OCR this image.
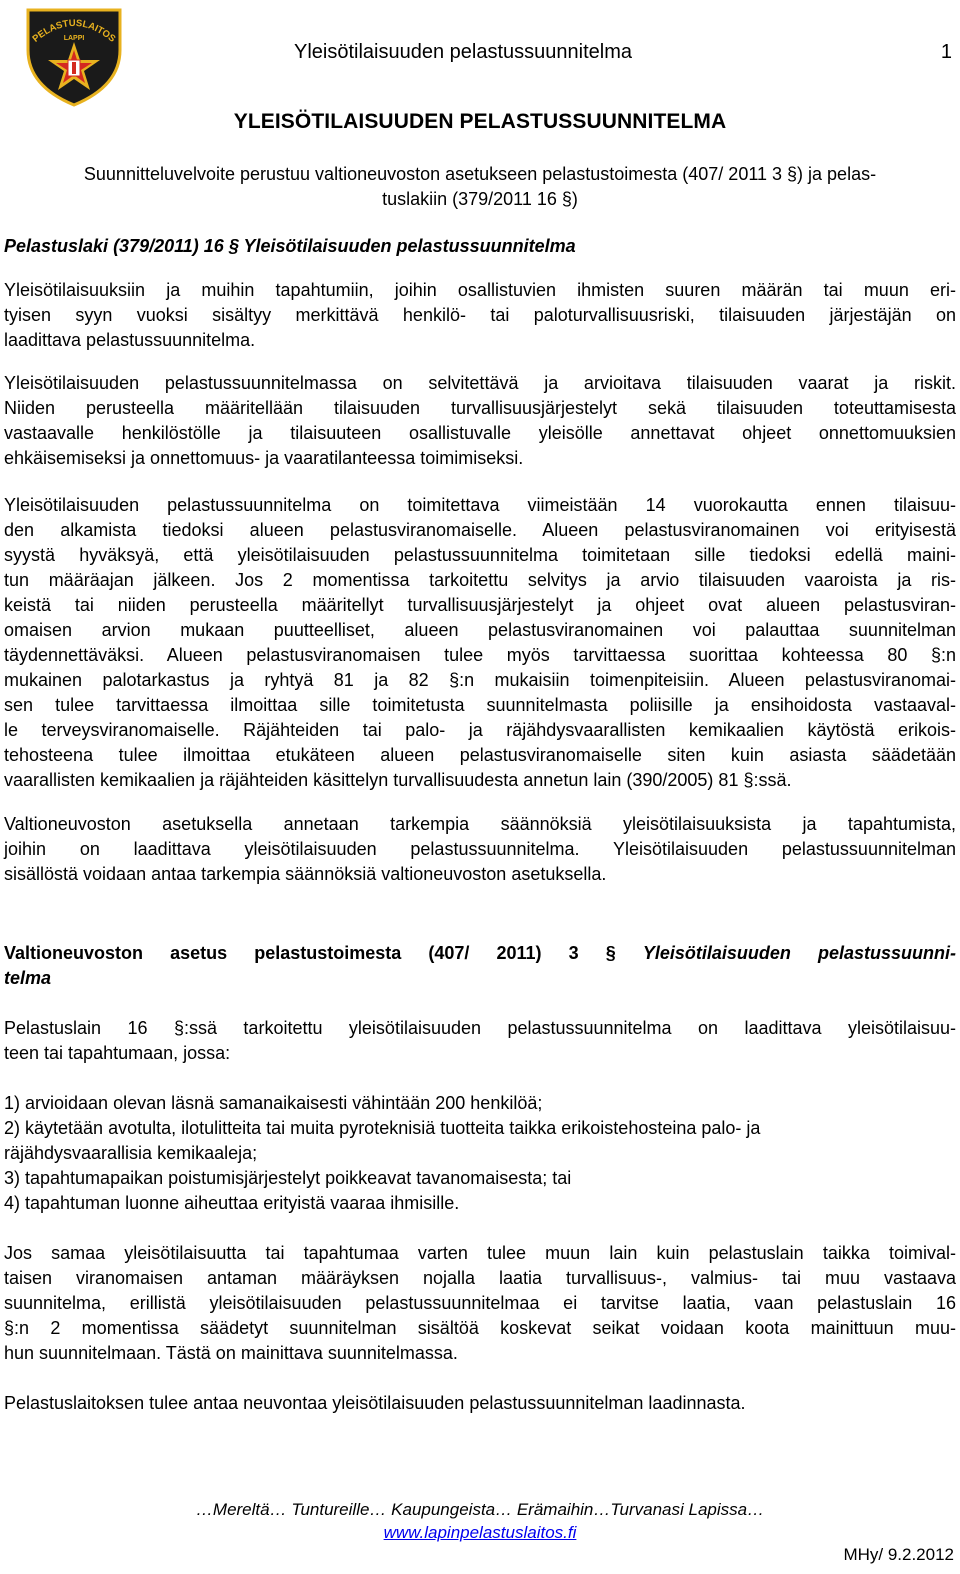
PELASTUSLAITOS
LAPPI
Yleisötilaisuuden pelastussuunnitelma	1
YLEISÖTILAISUUDEN PELASTUSSUUNNITELMA
Suunnitteluvelvoite perustuu valtioneuvoston asetukseen pelastustoimesta (407/ 2011 3 §) ja pelas-
tuslakiin (379/2011 16 §)
Pelastuslaki (379/2011) 16 § Yleisötilaisuuden pelastussuunnitelma
Yleisötilaisuuksiin ja muihin tapahtumiin, joihin osallistuvien ihmisten suuren määrän tai muun eri-
tyisen syyn vuoksi sisältyy merkittävä henkilö- tai paloturvallisuusriski, tilaisuuden järjestäjän on
laadittava pelastussuunnitelma.
Yleisötilaisuuden pelastussuunnitelmassa on selvitettävä ja arvioitava tilaisuuden vaarat ja riskit.
Niiden perusteella määritellään tilaisuuden turvallisuusjärjestelyt sekä tilaisuuden toteuttamisesta
vastaavalle henkilöstölle ja tilaisuuteen osallistuvalle yleisölle annettavat ohjeet onnettomuuksien
ehkäisemiseksi ja onnettomuus- ja vaaratilanteessa toimimiseksi.
Yleisötilaisuuden pelastussuunnitelma on toimitettava viimeistään 14 vuorokautta ennen tilaisuu-
den alkamista tiedoksi alueen pelastusviranomaiselle. Alueen pelastusviranomainen voi erityisestä
syystä hyväksyä, että yleisötilaisuuden pelastussuunnitelma toimitetaan sille tiedoksi edellä maini-
tun määräajan jälkeen. Jos 2 momentissa tarkoitettu selvitys ja arvio tilaisuuden vaaroista ja ris-
keistä tai niiden perusteella määritellyt turvallisuusjärjestelyt ja ohjeet ovat alueen pelastusviran-
omaisen arvion mukaan puutteelliset, alueen pelastusviranomainen voi palauttaa suunnitelman
täydennettäväksi. Alueen pelastusviranomaisen tulee myös tarvittaessa suorittaa kohteessa 80 §:n
mukainen palotarkastus ja ryhtyä 81 ja 82 §:n mukaisiin toimenpiteisiin. Alueen pelastusviranomai-
sen tulee tarvittaessa ilmoittaa sille toimitetusta suunnitelmasta poliisille ja ensihoidosta vastaaval-
le terveysviranomaiselle. Räjähteiden tai palo- ja räjähdysvaarallisten kemikaalien käytöstä erikois-
tehosteena tulee ilmoittaa etukäteen alueen pelastusviranomaiselle siten kuin asiasta säädetään
vaarallisten kemikaalien ja räjähteiden käsittelyn turvallisuudesta annetun lain (390/2005) 81 §:ssä.
Valtioneuvoston asetuksella annetaan tarkempia säännöksiä yleisötilaisuuksista ja tapahtumista,
joihin on laadittava yleisötilaisuuden pelastussuunnitelma. Yleisötilaisuuden pelastussuunnitelman
sisällöstä voidaan antaa tarkempia säännöksiä valtioneuvoston asetuksella.
Valtioneuvoston asetus pelastustoimesta (407/ 2011) 3 § Yleisötilaisuuden pelastussuunni-
telma
Pelastuslain 16 §:ssä tarkoitettu yleisötilaisuuden pelastussuunnitelma on laadittava yleisötilaisuu-
teen tai tapahtumaan, jossa:
1) arvioidaan olevan läsnä samanaikaisesti vähintään 200 henkilöä;
2) käytetään avotulta, ilotulitteita tai muita pyroteknisiä tuotteita taikka erikoistehosteina palo- ja
räjähdysvaarallisia kemikaaleja;
3) tapahtumapaikan poistumisjärjestelyt poikkeavat tavanomaisesta; tai
4) tapahtuman luonne aiheuttaa erityistä vaaraa ihmisille.
Jos samaa yleisötilaisuutta tai tapahtumaa varten tulee muun lain kuin pelastuslain taikka toimival-
taisen viranomaisen antaman määräyksen nojalla laatia turvallisuus-, valmius- tai muu vastaava
suunnitelma, erillistä yleisötilaisuuden pelastussuunnitelmaa ei tarvitse laatia, vaan pelastuslain 16
§:n 2 momentissa säädetyt suunnitelman sisältöä koskevat seikat voidaan koota mainittuun muu-
hun suunnitelmaan. Tästä on mainittava suunnitelmassa.
Pelastuslaitoksen tulee antaa neuvontaa yleisötilaisuuden pelastussuunnitelman laadinnasta.
…Mereltä… Tuntureille… Kaupungeista… Erämaihin…Turvanasi Lapissa…
www.lapinpelastuslaitos.fi
MHy/ 9.2.2012
